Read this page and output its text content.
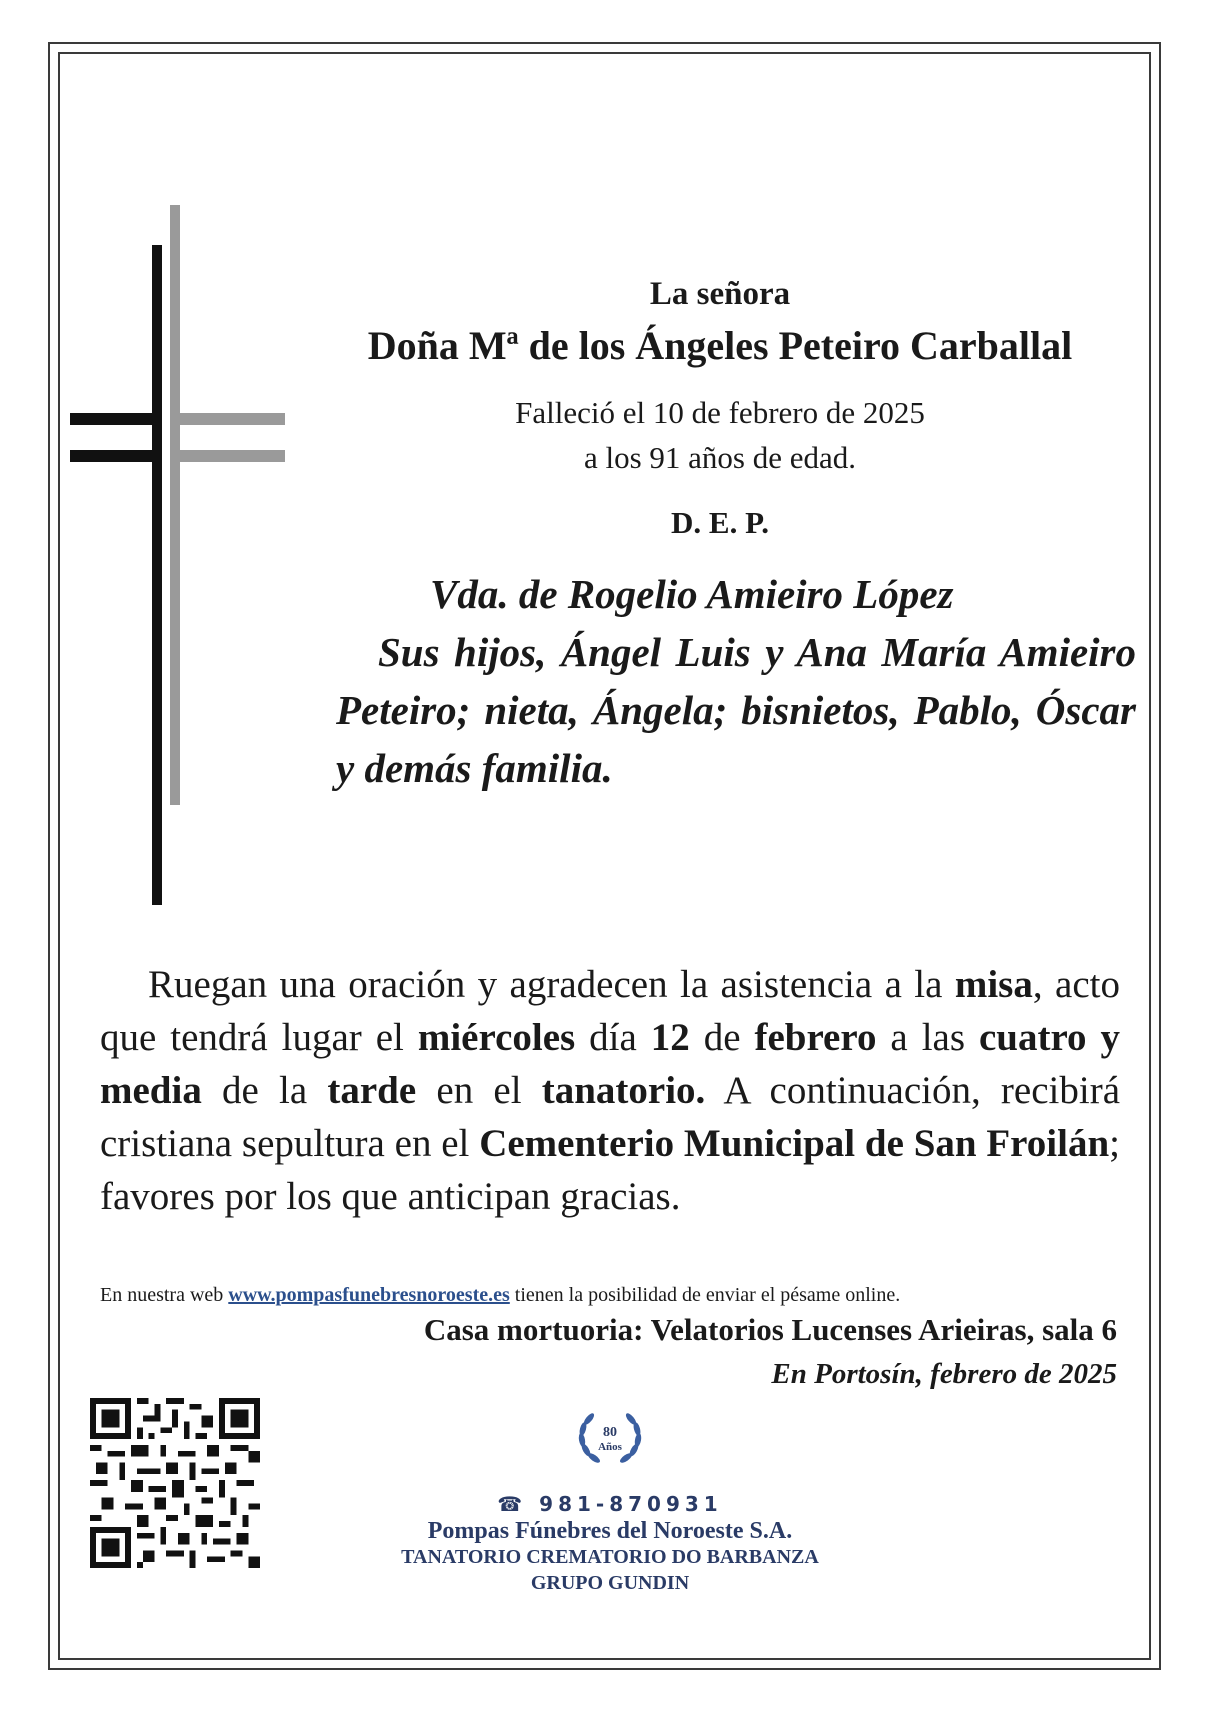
La señora
Doña Mª de los Ángeles Peteiro Carballal
Falleció el 10 de febrero de 2025
a los 91 años de edad.
D. E. P.
Vda. de Rogelio Amieiro López
Sus hijos, Ángel Luis y Ana María Amieiro Peteiro; nieta, Ángela; bisnietos, Pablo, Óscar y demás familia.
Ruegan una oración y agradecen la asistencia a la misa, acto que tendrá lugar el miércoles día 12 de febrero a las cuatro y media de la tarde en el tanatorio. A continuación, recibirá cristiana sepultura en el Cementerio Municipal de San Froilán; favores por los que anticipan gracias.
En nuestra web www.pompasfunebresnoroeste.es tienen la posibilidad de enviar el pésame online.
Casa mortuoria: Velatorios Lucenses Arieiras, sala 6
En Portosín, febrero de 2025
80
Años
☎ 981-870931
Pompas Fúnebres del Noroeste S.A.
TANATORIO CREMATORIO DO BARBANZA
GRUPO GUNDIN
